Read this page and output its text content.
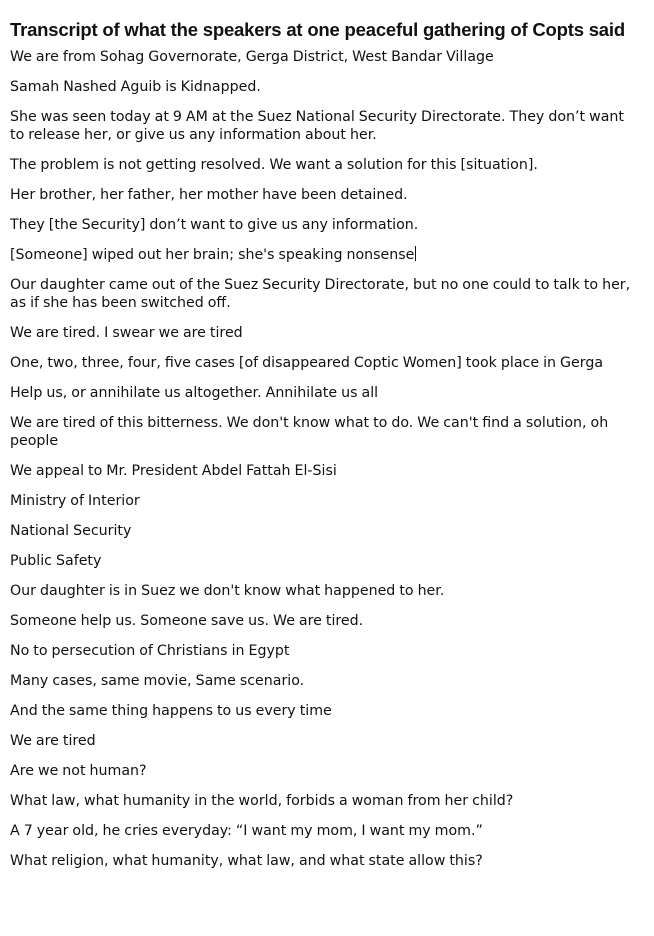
Transcript of what the speakers at one peaceful gathering of Copts said

We are from Sohag Governorate, Gerga District, West Bandar Village

Samah Nashed Aguib is Kidnapped.

She was seen today at 9 AM at the Suez National Security Directorate. They don’t want to release her, or give us any information about her.

The problem is not getting resolved. We want a solution for this [situation].

Her brother, her father, her mother have been detained.

They [the Security] don’t want to give us any information.

[Someone] wiped out her brain; she's speaking nonsense

Our daughter came out of the Suez Security Directorate, but no one could to talk to her, as if she has been switched off.

We are tired. I swear we are tired

One, two, three, four, five cases [of disappeared Coptic Women] took place in Gerga

Help us, or annihilate us altogether. Annihilate us all

We are tired of this bitterness. We don't know what to do. We can't find a solution, oh people

We appeal to Mr. President Abdel Fattah El-Sisi

Ministry of Interior

National Security

Public Safety

Our daughter is in Suez we don't know what happened to her.

Someone help us. Someone save us. We are tired.

No to persecution of Christians in Egypt

Many cases, same movie, Same scenario.

And the same thing happens to us every time

We are tired

Are we not human?

What law, what humanity in the world, forbids a woman from her child?

A 7 year old, he cries everyday: “I want my mom, I want my mom.”

What religion, what humanity, what law, and what state allow this?
